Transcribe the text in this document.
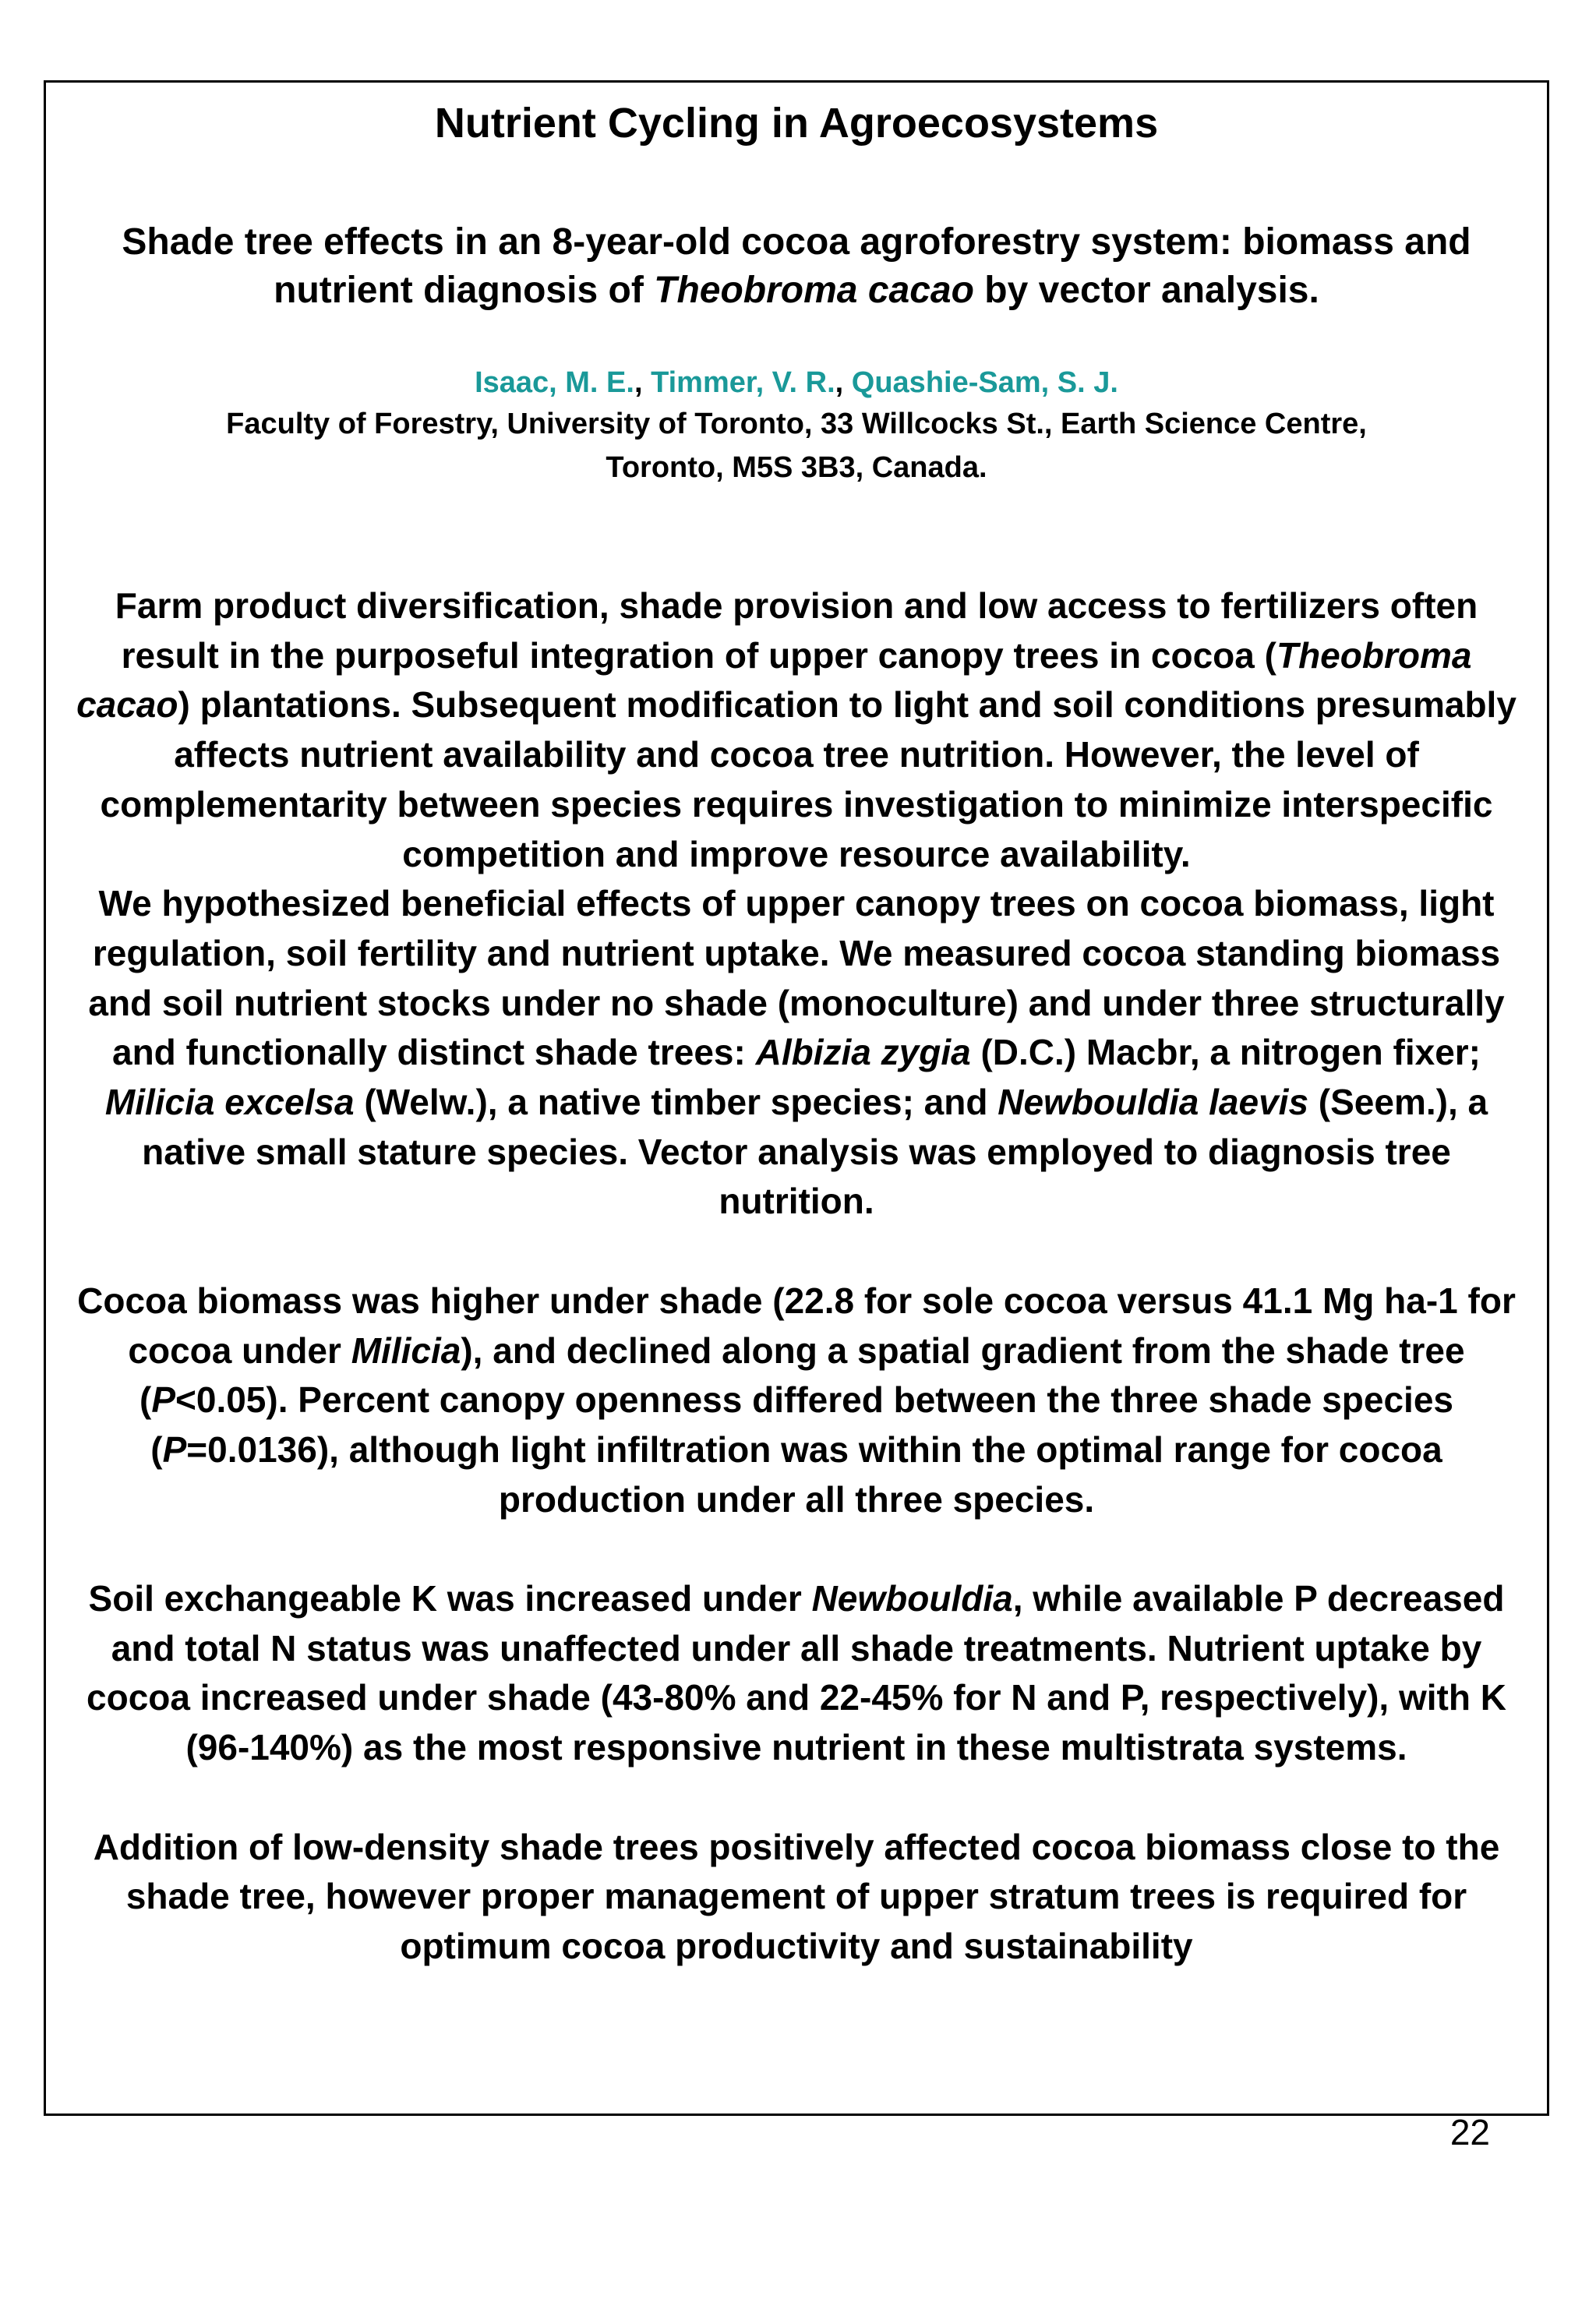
Nutrient Cycling in Agroecosystems

Shade tree effects in an 8-year-old cocoa agroforestry system: biomass and nutrient diagnosis of Theobroma cacao by vector analysis.

Isaac, M. E., Timmer, V. R., Quashie-Sam, S. J.

Faculty of Forestry, University of Toronto, 33 Willcocks St., Earth Science Centre,

Toronto, M5S 3B3, Canada.

Farm product diversification, shade provision and low access to fertilizers often result in the purposeful integration of upper canopy trees in cocoa (Theobroma cacao) plantations. Subsequent modification to light and soil conditions presumably affects nutrient availability and cocoa tree nutrition. However, the level of complementarity between species requires investigation to minimize interspecific competition and improve resource availability.

We hypothesized beneficial effects of upper canopy trees on cocoa biomass, light regulation, soil fertility and nutrient uptake. We measured cocoa standing biomass and soil nutrient stocks under no shade (monoculture) and under three structurally and functionally distinct shade trees: Albizia zygia (D.C.) Macbr, a nitrogen fixer; Milicia excelsa (Welw.), a native timber species; and Newbouldia laevis (Seem.), a native small stature species. Vector analysis was employed to diagnosis tree nutrition.

Cocoa biomass was higher under shade (22.8 for sole cocoa versus 41.1 Mg ha-1 for cocoa under Milicia), and declined along a spatial gradient from the shade tree (P<0.05). Percent canopy openness differed between the three shade species (P=0.0136), although light infiltration was within the optimal range for cocoa production under all three species.

Soil exchangeable K was increased under Newbouldia, while available P decreased and total N status was unaffected under all shade treatments. Nutrient uptake by cocoa increased under shade (43-80% and 22-45% for N and P, respectively), with K (96-140%) as the most responsive nutrient in these multistrata systems.

Addition of low-density shade trees positively affected cocoa biomass close to the shade tree, however proper management of upper stratum trees is required for optimum cocoa productivity and sustainability

22
